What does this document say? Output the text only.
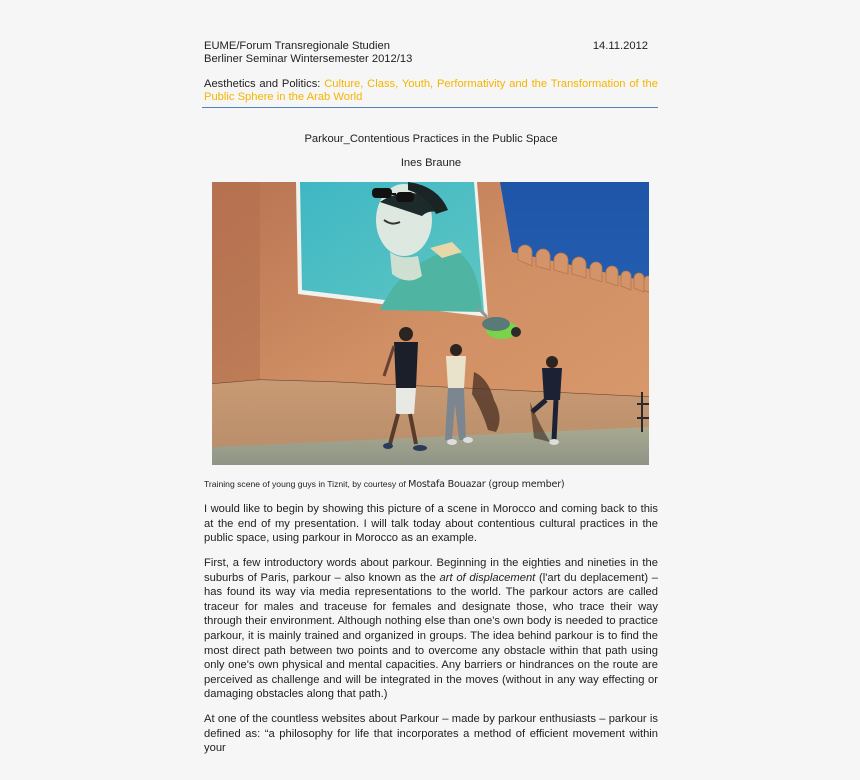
EUME/Forum Transregionale Studien
Berliner Seminar Wintersemester 2012/13
14.11.2012
Aesthetics and Politics: Culture, Class, Youth, Performativity and the Transformation of the Public Sphere in the Arab World
Parkour_Contentious Practices in the Public Space
Ines Braune
Training scene of young guys in Tiznit, by courtesy of Mostafa Bouazar (group member)

I would like to begin by showing this picture of a scene in Morocco and coming back to this at the end of my presentation. I will talk today about contentious cultural practices in the public space, using parkour in Morocco as an example.

First, a few introductory words about parkour. Beginning in the eighties and nineties in the suburbs of Paris, parkour – also known as the art of displacement (l'art du deplacement) – has found its way via media representations to the world. The parkour actors are called traceur for males and traceuse for females and designate those, who trace their way through their environment. Although nothing else than one's own body is needed to practice parkour, it is mainly trained and organized in groups. The idea behind parkour is to find the most direct path between two points and to overcome any obstacle within that path using only one's own physical and mental capacities. Any barriers or hindrances on the route are perceived as challenge and will be integrated in the moves (without in any way effecting or damaging obstacles along that path.)

At one of the countless websites about Parkour – made by parkour enthusiasts – parkour is defined as: “a philosophy for life that incorporates a method of efficient movement within your
